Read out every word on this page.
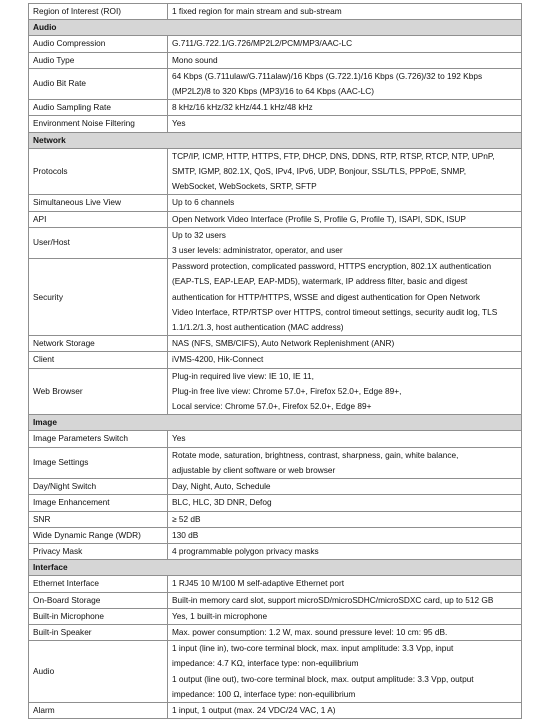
Region of Interest (ROI)	1 fixed region for main stream and sub-stream

Audio	
Audio Compression	G.711/G.722.1/G.726/MP2L2/PCM/MP3/AAC-LC

Audio Type	Mono sound

Audio Bit Rate	64 Kbps (G.711ulaw/G.711alaw)/16 Kbps (G.722.1)/16 Kbps (G.726)/32 to 192 Kbps
(MP2L2)/8 to 320 Kbps (MP3)/16 to 64 Kbps (AAC-LC)

Audio Sampling Rate	8 kHz/16 kHz/32 kHz/44.1 kHz/48 kHz

Environment Noise Filtering	Yes

Network	
Protocols	TCP/IP, ICMP, HTTP, HTTPS, FTP, DHCP, DNS, DDNS, RTP, RTSP, RTCP, NTP, UPnP,
SMTP, IGMP, 802.1X, QoS, IPv4, IPv6, UDP, Bonjour, SSL/TLS, PPPoE, SNMP,
WebSocket, WebSockets, SRTP, SFTP

Simultaneous Live View	Up to 6 channels

API	Open Network Video Interface (Profile S, Profile G, Profile T), ISAPI, SDK, ISUP

User/Host	Up to 32 users
3 user levels: administrator, operator, and user

Security	Password protection, complicated password, HTTPS encryption, 802.1X authentication
(EAP-TLS, EAP-LEAP, EAP-MD5), watermark, IP address filter, basic and digest
authentication for HTTP/HTTPS, WSSE and digest authentication for Open Network
Video Interface, RTP/RTSP over HTTPS, control timeout settings, security audit log, TLS
1.1/1.2/1.3, host authentication (MAC address)

Network Storage	NAS (NFS, SMB/CIFS), Auto Network Replenishment (ANR)

Client	iVMS-4200, Hik-Connect

Web Browser	Plug-in required live view: IE 10, IE 11,
Plug-in free live view: Chrome 57.0+, Firefox 52.0+, Edge 89+,
Local service: Chrome 57.0+, Firefox 52.0+, Edge 89+

Image	
Image Parameters Switch	Yes

Image Settings	Rotate mode, saturation, brightness, contrast, sharpness, gain, white balance,
adjustable by client software or web browser

Day/Night Switch	Day, Night, Auto, Schedule

Image Enhancement	BLC, HLC, 3D DNR, Defog

SNR	≥ 52 dB

Wide Dynamic Range (WDR)	130 dB

Privacy Mask	4 programmable polygon privacy masks

Interface	
Ethernet Interface	1 RJ45 10 M/100 M self-adaptive Ethernet port

On-Board Storage	Built-in memory card slot, support microSD/microSDHC/microSDXC card, up to 512 GB

Built-in Microphone	Yes, 1 built-in microphone

Built-in Speaker	Max. power consumption: 1.2 W, max. sound pressure level: 10 cm: 95 dB.

Audio	1 input (line in), two-core terminal block, max. input amplitude: 3.3 Vpp, input
impedance: 4.7 KΩ, interface type: non-equilibrium
1 output (line out), two-core terminal block, max. output amplitude: 3.3 Vpp, output
impedance: 100 Ω, interface type: non-equilibrium

Alarm	1 input, 1 output (max. 24 VDC/24 VAC, 1 A)
